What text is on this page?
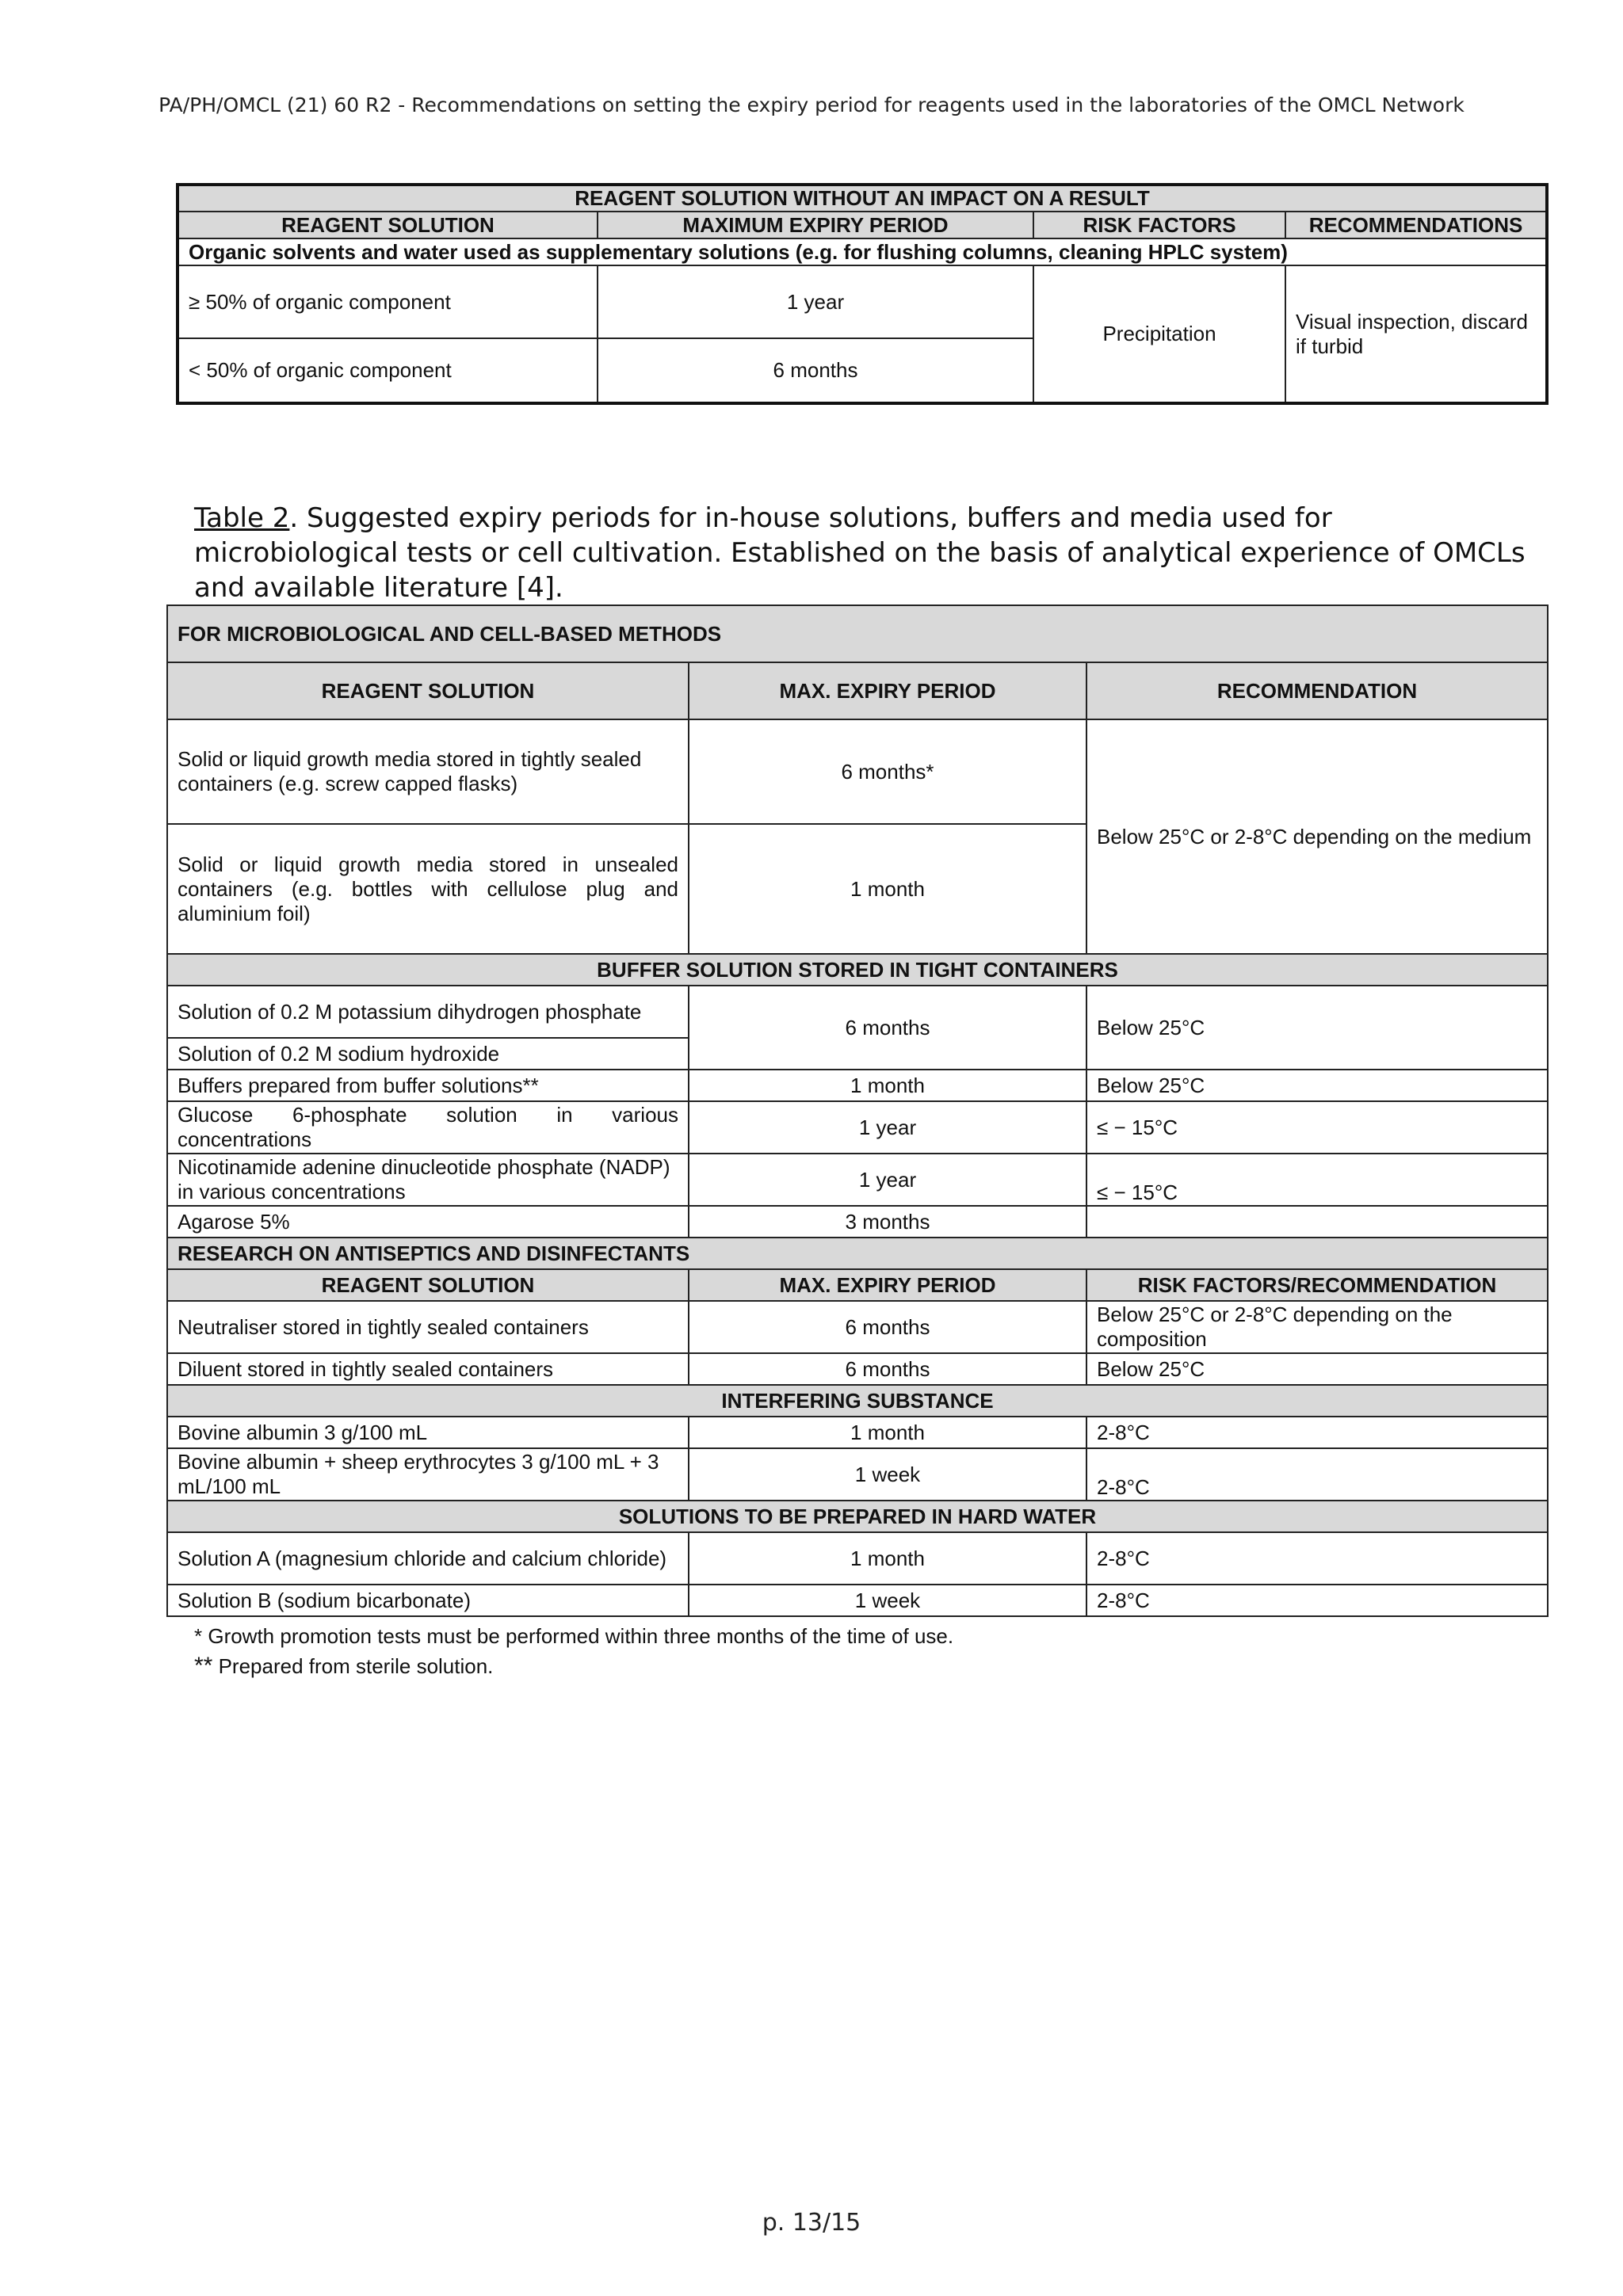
PA/PH/OMCL (21) 60 R2 - Recommendations on setting the expiry period for reagents used in the laboratories of the OMCL Network
REAGENT SOLUTION WITHOUT AN IMPACT ON A RESULT			
REAGENT SOLUTION	MAXIMUM EXPIRY PERIOD	RISK FACTORS	RECOMMENDATIONS
Organic solvents and water used as supplementary solutions (e.g. for flushing columns, cleaning HPLC system)			
≥ 50% of organic component	1 year	Precipitation	Visual inspection, discard if turbid
< 50% of organic component	6 months		
Table 2. Suggested expiry periods for in-house solutions, buffers and media used for microbiological tests or cell cultivation. Established on the basis of analytical experience of OMCLs and available literature [4].
FOR MICROBIOLOGICAL AND CELL-BASED METHODS		
REAGENT SOLUTION	MAX. EXPIRY PERIOD	RECOMMENDATION
Solid or liquid growth media stored in tightly sealed containers (e.g. screw capped flasks)	6 months*	Below 25°C or 2-8°C depending on the medium
Solid or liquid growth media stored in unsealed containers (e.g. bottles with cellulose plug and aluminium foil)	1 month	
BUFFER SOLUTION STORED IN TIGHT CONTAINERS		
Solution of 0.2 M potassium dihydrogen phosphate	6 months	Below 25°C
Solution of 0.2 M sodium hydroxide		
Buffers prepared from buffer solutions**	1 month	Below 25°C
Glucose 6-phosphate solution in various concentrations	1 year	≤ − 15°C
Nicotinamide adenine dinucleotide phosphate (NADP) in various concentrations	1 year	≤ − 15°C
Agarose 5%	3 months	
RESEARCH ON ANTISEPTICS AND DISINFECTANTS		
REAGENT SOLUTION	MAX. EXPIRY PERIOD	RISK FACTORS/RECOMMENDATION
Neutraliser stored in tightly sealed containers	6 months	Below 25°C or 2-8°C depending on the composition
Diluent stored in tightly sealed containers	6 months	Below 25°C
INTERFERING SUBSTANCE		
Bovine albumin 3 g/100 mL	1 month	2-8°C
Bovine albumin + sheep erythrocytes 3 g/100 mL + 3 mL/100 mL	1 week	2-8°C
SOLUTIONS TO BE PREPARED IN HARD WATER		
Solution A (magnesium chloride and calcium chloride)	1 month	2-8°C
Solution B (sodium bicarbonate)	1 week	2-8°C
* Growth promotion tests must be performed within three months of the time of use.
** Prepared from sterile solution.
p. 13/15
